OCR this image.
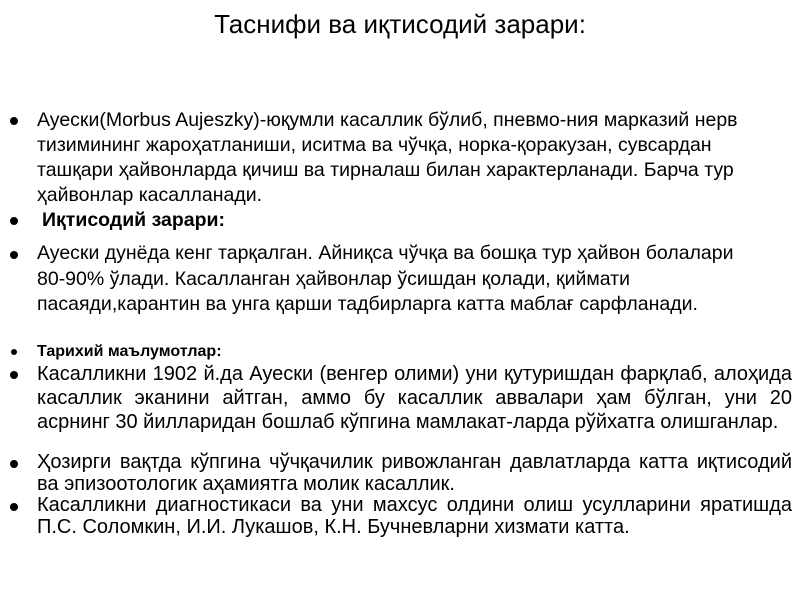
Таснифи ва иқтисодий зарари:
Ауески(Morbus Aujeszky)-юқумли касаллик бўлиб, пневмо-ния марказий нерв тизимининг жароҳатланиши, иситма ва чўчқа, норка-қоракузан, сувсардан ташқари ҳайвонларда қичиш ва тирналаш билан характерланади. Барча тур ҳайвонлар касалланади.
Иқтисодий зарари:
Ауески дунёда кенг тарқалган. Айниқса чўчқа ва бошқа тур ҳайвон болалари 80-90% ўлади. Касалланган ҳайвонлар ўсишдан қолади, қиймати пасаяди,карантин ва унга қарши тадбирларга катта маблағ сарфланади.
Тарихий маълумотлар:
Касалликни 1902 й.да Ауески (венгер олими) уни қутуришдан фарқлаб, алоҳида касаллик эканини айтган, аммо бу касаллик аввалари ҳам бўлган, уни 20 асрнинг 30 йилларидан бошлаб кўпгина мамлакат-ларда рўйхатга олишганлар.
Ҳозирги вақтда кўпгина чўчқачилик ривожланган давлатларда катта иқтисодий ва эпизоотологик аҳамиятга молик касаллик.
Касалликни диагностикаси ва уни махсус олдини олиш усулларини яратишда П.С. Соломкин, И.И. Лукашов, К.Н. Бучневларни хизмати катта.
